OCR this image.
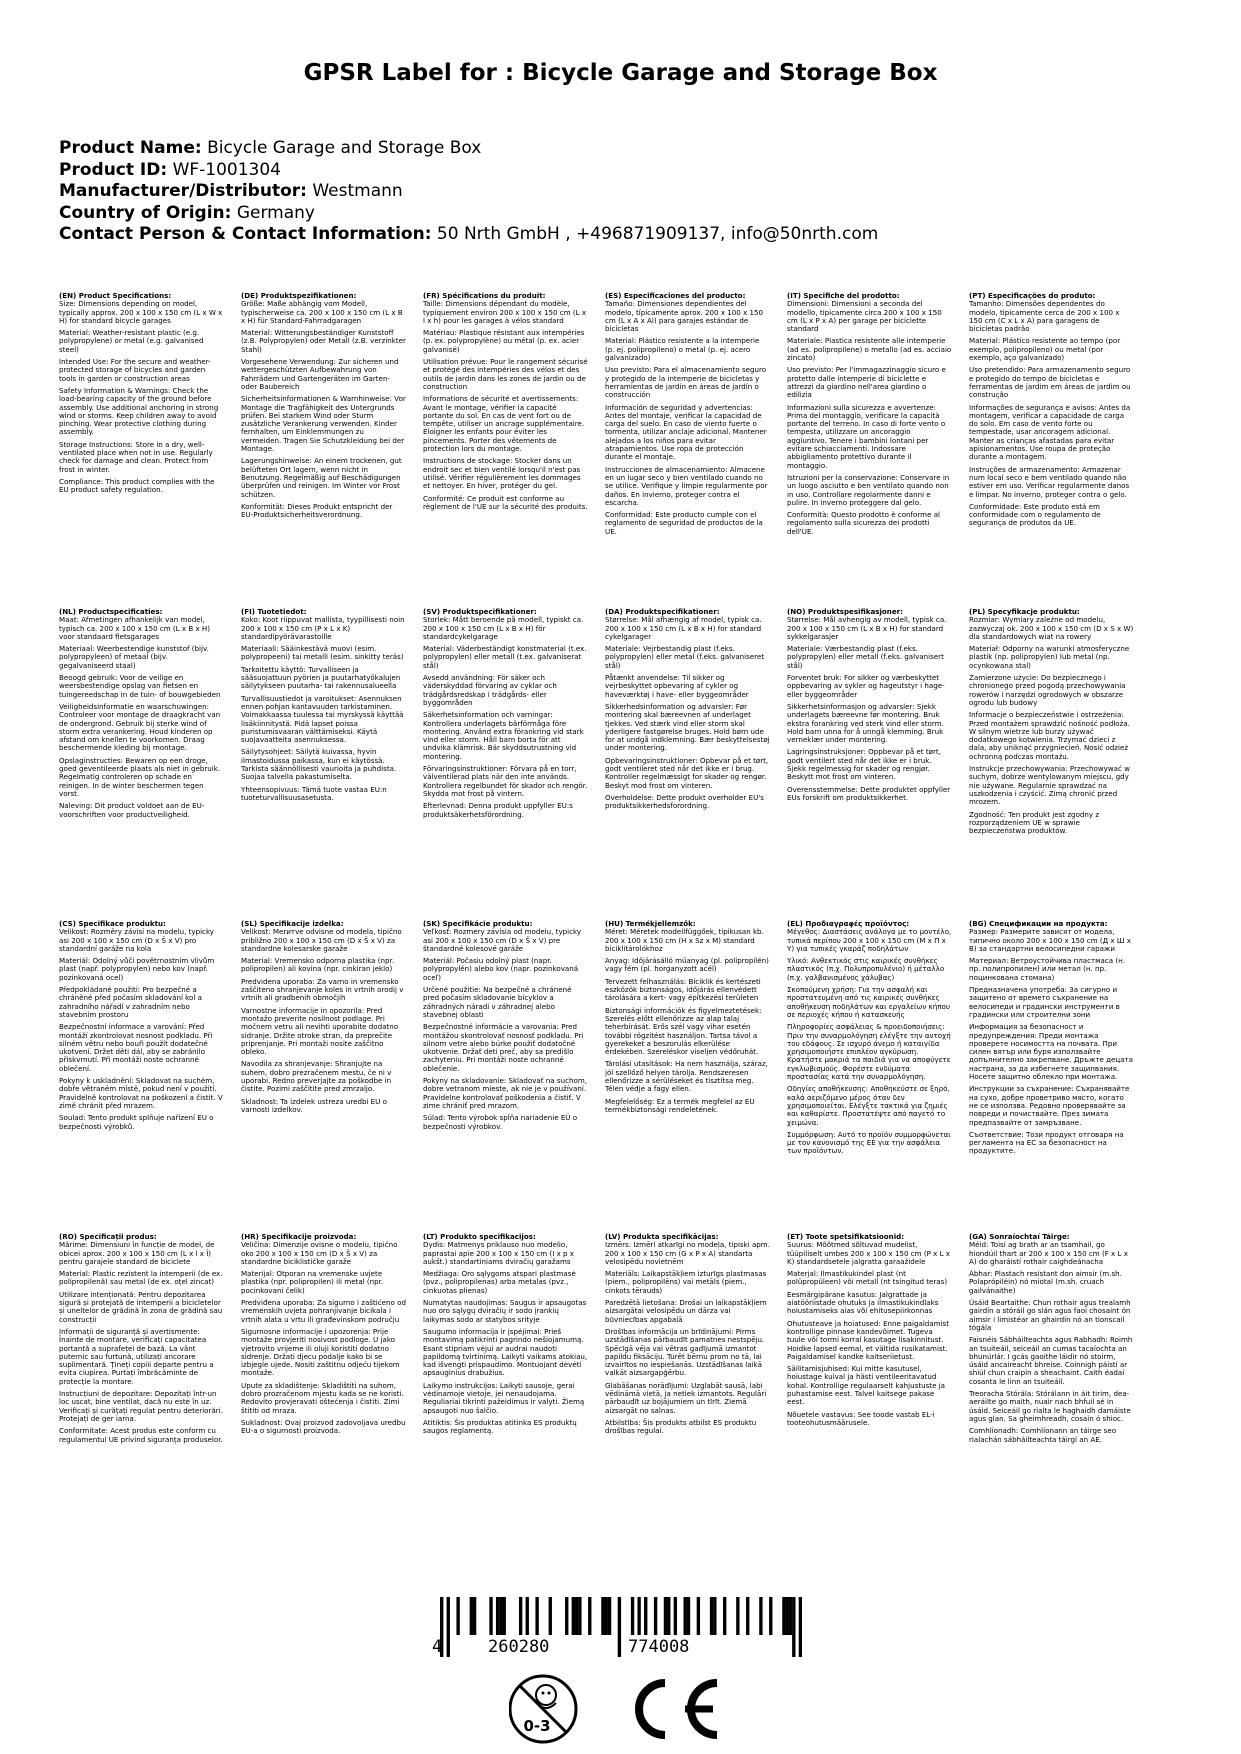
GPSR Label for : Bicycle Garage and Storage Box
Product Name: Bicycle Garage and Storage Box
Product ID: WF-1001304
Manufacturer/Distributor: Westmann
Country of Origin: Germany
Contact Person & Contact Information: 50 Nrth GmbH , +496871909137, info@50nrth.com
(EN) Product Specifications:

Size: Dimensions depending on model, typically approx. 200 x 100 x 150 cm (L x W x H) for standard bicycle garages

Material: Weather-resistant plastic (e.g. polypropylene) or metal (e.g. galvanised steel)

Intended Use: For the secure and weather-protected storage of bicycles and garden tools in garden or construction areas

Safety Information & Warnings: Check the load-bearing capacity of the ground before assembly. Use additional anchoring in strong wind or storms. Keep children away to avoid pinching. Wear protective clothing during assembly.

Storage Instructions: Store in a dry, well-ventilated place when not in use. Regularly check for damage and clean. Protect from frost in winter.

Compliance: This product complies with the EU product safety regulation.

(DE) Produktspezifikationen:

Größe: Maße abhängig vom Modell, typischerweise ca. 200 x 100 x 150 cm (L x B x H) für Standard-Fahrradgaragen

Material: Witterungsbeständiger Kunststoff (z.B. Polypropylen) oder Metall (z.B. verzinkter Stahl)

Vorgesehene Verwendung: Zur sicheren und wettergeschützten Aufbewahrung von Fahrrädern und Gartengeräten im Garten- oder Baubereich

Sicherheitsinformationen & Warnhinweise: Vor Montage die Tragfähigkeit des Untergrunds prüfen. Bei starkem Wind oder Sturm zusätzliche Verankerung verwenden. Kinder fernhalten, um Einklemmungen zu vermeiden. Tragen Sie Schutzkleidung bei der Montage.

Lagerungshinweise: An einem trockenen, gut belüfteten Ort lagern, wenn nicht in Benutzung. Regelmäßig auf Beschädigungen überprüfen und reinigen. Im Winter vor Frost schützen.

Konformität: Dieses Produkt entspricht der EU-Produktsicherheitsverordnung.

(FR) Spécifications du produit:

Taille: Dimensions dépendant du modèle, typiquement environ 200 x 100 x 150 cm (L x l x h) pour les garages à vélos standard

Matériau: Plastique résistant aux intempéries (p. ex. polypropylène) ou métal (p. ex. acier galvanisé)

Utilisation prévue: Pour le rangement sécurisé et protégé des intempéries des vélos et des outils de jardin dans les zones de jardin ou de construction

Informations de sécurité et avertissements: Avant le montage, vérifier la capacité portante du sol. En cas de vent fort ou de tempête, utiliser un ancrage supplémentaire. Éloigner les enfants pour éviter les pincements. Porter des vêtements de protection lors du montage.

Instructions de stockage: Stocker dans un endroit sec et bien ventilé lorsqu'il n'est pas utilisé. Vérifier régulièrement les dommages et nettoyer. En hiver, protéger du gel.

Conformité: Ce produit est conforme au règlement de l'UE sur la sécurité des produits.

(ES) Especificaciones del producto:

Tamaño: Dimensiones dependientes del modelo, típicamente aprox. 200 x 100 x 150 cm (L x A x Al) para garajes estándar de bicicletas

Material: Plástico resistente a la intemperie (p. ej. polipropileno) o metal (p. ej. acero galvanizado)

Uso previsto: Para el almacenamiento seguro y protegido de la intemperie de bicicletas y herramientas de jardín en áreas de jardín o construcción

Información de seguridad y advertencias: Antes del montaje, verificar la capacidad de carga del suelo. En caso de viento fuerte o tormenta, utilizar anclaje adicional. Mantener alejados a los niños para evitar atrapamientos. Use ropa de protección durante el montaje.

Instrucciones de almacenamiento: Almacene en un lugar seco y bien ventilado cuando no se utilice. Verifique y limpie regularmente por daños. En invierno, proteger contra el escarcha.

Conformidad: Este producto cumple con el reglamento de seguridad de productos de la UE.

(IT) Specifiche del prodotto:

Dimensioni: Dimensioni a seconda del modello, tipicamente circa 200 x 100 x 150 cm (L x P x A) per garage per biciclette standard

Materiale: Plastica resistente alle intemperie (ad es. polipropilene) o metallo (ad es. acciaio zincato)

Uso previsto: Per l'immagazzinaggio sicuro e protetto dalle intemperie di biciclette e attrezzi da giardino nell'area giardino o edilizia

Informazioni sulla sicurezza e avvertenze: Prima del montaggio, verificare la capacità portante del terreno. In caso di forte vento o tempesta, utilizzare un ancoraggio aggiuntivo. Tenere i bambini lontani per evitare schiacciamenti. Indossare abbigliamento protettivo durante il montaggio.

Istruzioni per la conservazione: Conservare in un luogo asciutto e ben ventilato quando non in uso. Controllare regolarmente danni e pulire. In inverno proteggere dal gelo.

Conformità: Questo prodotto è conforme al regolamento sulla sicurezza dei prodotti dell'UE.

(PT) Especificações do produto:

Tamanho: Dimensões dependentes do modelo, tipicamente cerca de 200 x 100 x 150 cm (C x L x A) para garagens de bicicletas padrão

Material: Plástico resistente ao tempo (por exemplo, polipropileno) ou metal (por exemplo, aço galvanizado)

Uso pretendido: Para armazenamento seguro e protegido do tempo de bicicletas e ferramentas de jardim em áreas de jardim ou construção

Informações de segurança e avisos: Antes da montagem, verificar a capacidade de carga do solo. Em caso de vento forte ou tempestade, usar ancoragem adicional. Manter as crianças afastadas para evitar apisionamentos. Use roupa de proteção durante a montagem.

Instruções de armazenamento: Armazenar num local seco e bem ventilado quando não estiver em uso. Verificar regularmente danos e limpar. No inverno, proteger contra o gelo.

Conformidade: Este produto está em conformidade com o regulamento de segurança de produtos da UE.

(NL) Productspecificaties:

Maat: Afmetingen afhankelijk van model, typisch ca. 200 x 100 x 150 cm (L x B x H) voor standaard fietsgarages

Materiaal: Weerbestendige kunststof (bijv. polypropyleen) of metaal (bijv. gegalvaniseerd staal)

Beoogd gebruik: Voor de veilige en weersbestendige opslag van fietsen en tuingereedschap in de tuin- of bouwgebieden

Veiligheidsinformatie en waarschuwingen: Controleer voor montage de draagkracht van de ondergrond. Gebruik bij sterke wind of storm extra verankering. Houd kinderen op afstand om knellen te voorkomen. Draag beschermende kleding bij montage.

Opslaginstructies: Bewaren op een droge, goed geventileerde plaats als niet in gebruik. Regelmatig controleren op schade en reinigen. In de winter beschermen tegen vorst.

Naleving: Dit product voldoet aan de EU-voorschriften voor productveiligheid.

(FI) Tuotetiedot:

Koko: Koot riippuvat mallista, tyypillisesti noin 200 x 100 x 150 cm (P x L x K) standardipyörävarastoille

Materiaali: Sääinkestävä muovi (esim. polypropeeni) tai metalli (esim. sinkitty teräs)

Tarkoitettu käyttö: Turvalliseen ja sääsuojattuun pyörien ja puutarhatyökalujen säilytykseen puutarha- tai rakennusalueella

Turvallisuustiedot ja varoitukset: Asennuksen ennen pohjan kantavuuden tarkistaminen. Voimakkaassa tuulessa tai myrskyssä käyttää lisäkiinnitystä. Pidä lapset poissa puristumisvaaran välttämiseksi. Käytä suojavaatteita asennuksessa.

Säilytysohjeet: Säilytä kuivassa, hyvin ilmastoidussa paikassa, kun ei käytössä. Tarkista säännöllisesti vaurioita ja puhdista. Suojaa talvella pakastumiselta.

Yhteensopivuus: Tämä tuote vastaa EU:n tuoteturvallisuusasetusta.

(SV) Produktspecifikationer:

Storlek: Mått beroende på modell, typiskt ca. 200 x 100 x 150 cm (L x B x H) för standardcykelgarage

Material: Väderbeständigt konstmaterial (t.ex. polypropylen) eller metall (t.ex. galvaniserat stål)

Avsedd användning: För säker och väderskyddad förvaring av cyklar och trädgårdsredskap i trädgårds- eller byggområden

Säkerhetsinformation och varningar: Kontrollera underlagets bärförmåga före montering. Använd extra förankring vid stark vind eller storm. Håll barn borta för att undvika klämrisk. Bär skyddsutrustning vid montering.

Förvaringsinstruktioner: Förvara på en torr, välventilerad plats när den inte används. Kontrollera regelbundet för skador och rengör. Skydda mot frost på vintern.

Efterlevnad: Denna produkt uppfyller EU:s produktsäkerhetsförordning.

(DA) Produktspecifikationer:

Størrelse: Mål afhængig af model, typisk ca. 200 x 100 x 150 cm (L x B x H) for standard cykelgarager

Materiale: Vejrbestandig plast (f.eks. polypropylen) eller metal (f.eks. galvaniseret stål)

Påtænkt anvendelse: Til sikker og vejrbeskyttet opbevaring af cykler og haveværktøj i have- eller byggeområder

Sikkerhedsinformation og advarsler: Før montering skal bæreevnen af underlaget tjekkes. Ved stærk vind eller storm skal yderligere fastgørelse bruges. Hold børn ude for at undgå indklemning. Bær beskyttelsestøj under montering.

Opbevaringsinstruktioner: Opbevar på et tørt, godt ventileret sted når det ikke er i brug. Kontroller regelmæssigt for skader og rengør. Beskyt mod frost om vinteren.

Overholdelse: Dette produkt overholder EU's produktsikkerhedsforordning.

(NO) Produktspesifikasjoner:

Størrelse: Mål avhengig av modell, typisk ca. 200 x 100 x 150 cm (L x B x H) for standard sykkelgarasjer

Materiale: Værbestandig plast (f.eks. polypropylen) eller metall (f.eks. galvanisert stål)

Forventet bruk: For sikker og værbeskyttet oppbevaring av sykler og hageutstyr i hage- eller byggeområder

Sikkerhetsinformasjon og advarsler: Sjekk underlagets bæreevne før montering. Bruk ekstra forankring ved sterk vind eller storm. Hold barn unna for å unngå klemming. Bruk verneklær under montering.

Lagringsinstruksjoner: Oppbevar på et tørt, godt ventilert sted når det ikke er i bruk. Sjekk regelmessig for skader og rengjør. Beskytt mot frost om vinteren.

Overensstemmelse: Dette produktet oppfyller EUs forskrift om produktsikkerhet.

(PL) Specyfikacje produktu:

Rozmiar: Wymiary zależne od modelu, zazwyczaj ok. 200 x 100 x 150 cm (D x S x W) dla standardowych wiat na rowery

Materiał: Odporny na warunki atmosferyczne plastik (np. polipropylen) lub metal (np. ocynkowana stal)

Zamierzone użycie: Do bezpiecznego i chronionego przed pogodą przechowywania rowerów i narzędzi ogrodowych w obszarze ogrodu lub budowy

Informacje o bezpieczeństwie i ostrzeżenia: Przed montażem sprawdzić nośność podłoża. W silnym wietrze lub burzy używać dodatkowego kotwienia. Trzymać dzieci z dala, aby uniknąć przygniecień. Nosić odzież ochronną podczas montażu.

Instrukcje przechowywania: Przechowywać w suchym, dobrze wentylowanym miejscu, gdy nie używane. Regularnie sprawdzać na uszkodzenia i czyścić. Zimą chronić przed mrozem.

Zgodność: Ten produkt jest zgodny z rozporządzeniem UE w sprawie bezpieczeństwa produktów.

(CS) Specifikace produktu:

Velikost: Rozměry závisí na modelu, typicky asi 200 x 100 x 150 cm (D x Š x V) pro standardní garáže na kola

Materiál: Odolný vůči povětrnostním vlivům plast (např. polypropylen) nebo kov (např. pozinkovaná ocel)

Předpokládané použití: Pro bezpečné a chráněné před počasím skladování kol a zahradního nářadí v zahradním nebo stavebním prostoru

Bezpečnostní informace a varování: Před montáží zkontrolovat nosnost podkladu. Při silném větru nebo bouři použít dodatečné ukotvení. Držet děti dál, aby se zabránilo přiskvrnutí. Při montáži noste ochranné oblečení.

Pokyny k uskladnění: Skladovat na suchém, dobře větraném místě, pokud není v použití. Pravidelně kontrolovat na poškození a čistit. V zimě chránit před mrazem.

Soulad: Tento produkt splňuje nařízení EU o bezpečnosti výrobků.

(SL) Specifikacije izdelka:

Velikost: Merитve odvisne od modela, tipično približno 200 x 100 x 150 cm (D x Š x V) za standardne kolesarske garaže

Material: Vremensko odporna plastika (npr. polipropilen) ali kovina (npr. cinkiran jeklo)

Predvidena uporaba: Za varno in vremensko zaščiteno shranjevanje koles in vrtnih orodij v vrtnih ali gradbenih območjih

Varnostne informacije in opozorila: Pred montažo preverite nosilnost podlage. Pri močnem vetru ali nevihti uporabite dodatno sidranje. Držite otroke stran, da preprečite priprenjanje. Pri montaži nosite zaščitno obleko.

Navodila za shranjevanje: Shranjujte na suhem, dobro prezračenem mestu, če ni v uporabi. Redno preverjajte za poškodbe in čistite. Pozimi zaščitite pred zmrzaljo.

Skladnost: Ta izdelek ustreza uredbi EU o varnosti izdelkov.

(SK) Špecifikácie produktu:

Veľkosť: Rozmery závisia od modelu, typicky asi 200 x 100 x 150 cm (D x Š x V) pre štandardné kolesové garáže

Materiál: Počasiu odolný plast (napr. polypropylén) alebo kov (napr. pozinkovaná oceľ)

Určené použitie: Na bezpečné a chránené pred počasím skladovanie bicyklov a záhradných náradí v záhradnej alebo stavebnej oblasti

Bezpečnostné informácie a varovania: Pred montážou skontrolovať nosnosť podkladu. Pri silnom vetre alebo búrke použiť dodatočné ukotvenie. Držať deti preč, aby sa predišlo zachyteniu. Pri montáži noste ochranné oblečenie.

Pokyny na skladovanie: Skladovať na suchom, dobre vetranom mieste, ak nie je v používaní. Pravidelne kontrolovať poškodenia a čistiť. V zime chrániť pred mrazom.

Súlad: Tento výrobok spĺňa nariadenie EÚ o bezpečnosti výrobkov.

(HU) Termékjellemzők:

Méret: Méretek modellfüggőek, tipikusan kb. 200 x 100 x 150 cm (H x Sz x M) standard biciklitárolókhoz

Anyag: Időjárásálló műanyag (pl. polipropilén) vagy fém (pl. horganyzott acél)

Tervezett felhasználás: Biciklik és kertészeti eszközök biztonságos, időjárás ellenvédett tárolására a kert- vagy építkezési területen

Biztonsági információk és figyelmeztetések: Szerelés előtt ellenőrizze az alap talaj teherbírását. Erős szél vagy vihar esetén további rögzítést használjon. Tartsa távol a gyerekeket a beszorulás elkerülése érdekében. Szereléskor viseljen védőruhát.

Tárolási utasítások: Ha nem használja, száraz, jól szellőző helyen tárolja. Rendszeresen ellenőrizze a sérüléseket és tisztítsa meg. Télen védje a fagy ellen.

Megfelelőség: Ez a termék megfelel az EU termékbiztonsági rendeletének.

(EL) Προδιαγραφές προϊόντος:

Μέγεθος: Διαστάσεις ανάλογα με το μοντέλο, τυπικά περίπου 200 x 100 x 150 cm (Μ x Π x Υ) για τυπικές γκαράζ ποδηλάτων

Υλικό: Ανθεκτικός στις καιρικές συνθήκες πλαστικός (π.χ. Πολυπροπυλένιο) ή μέταλλο (π.χ. γαλβανισμένος χάλυβας)

Σκοπούμενη χρήση: Για την ασφαλή και προστατευμένη από τις καιρικές συνθήκες αποθήκευση ποδηλάτων και εργαλείων κήπου σε περιοχές κήπου ή κατασκευής

Πληροφορίες ασφάλειας & προειδοποιήσεις: Πριν την συναρμολόγηση ελέγξτε την αντοχή του εδάφους. Σε ισχυρό άνεμο ή καταιγίδα χρησιμοποιήστε επιπλέον αγκύρωση. Κρατήστε μακριά τα παιδιά για να αποφύγετε εγκλωβισμούς. Φορέστε ενδύματα προστασίας κατά την συναρμολόγηση.

Οδηγίες αποθήκευσης: Αποθηκεύστε σε ξηρό, καλά αεριζόμενο μέρος όταν δεν χρησιμοποιείται. Ελέγξτε τακτικά για ζημιές και καθαρίστε. Προστατέψτε από παγετό το χειμώνα.

Συμμόρφωση: Αυτό το προϊόν συμμορφώνεται με τον κανονισμό της ΕΕ για την ασφάλεια των προϊόντων.

(BG) Спецификации на продукта:

Размер: Размерите зависят от модела, типично около 200 x 100 x 150 cm (Д x Ш x В) за стандартни велосипедни гаражи

Материал: Ветроустойчива пластмаса (н. пр. полипропилен) или метал (н. пр. поцинкована стомана)

Предназначена употреба: За сигурно и защитено от времето съхранение на велосипеди и градински инструменти в градински или строителни зони

Информация за безопасност и предупреждения: Преди монтажа проверете носимостта на почвата. При силен вятър или буря използвайте допълнително закрепване. Дръжте децата настрана, за да избегнете защипвания. Носете защитно облекло при монтажа.

Инструкции за съхранение: Съхранявайте на сухо, добре проветриво място, когато не се използва. Редовно проверявайте за повреди и почиствайте. През зимата предпазвайте от замръзване.

Съответствие: Този продукт отговаря на регламента на ЕС за безопасност на продуктите.

(RO) Specificații produs:

Mărime: Dimensiuni în funcție de model, de obicei aprox. 200 x 100 x 150 cm (L x l x Î) pentru garajele standard de biciclete

Material: Plastic rezistent la intemperii (de ex. polipropilenă) sau metal (de ex. oțel zincat)

Utilizare intenționată: Pentru depozitarea sigură și protejată de intemperii a bicicletelor și uneltelor de grădină în zona de grădină sau construcții

Informații de siguranță și avertismente: Înainte de montare, verificați capacitatea portantă a suprafeței de bază. La vânt puternic sau furtună, utilizați ancorare suplimentară. Țineți copiii departe pentru a evita ciupirea. Purtați îmbrăcăminte de protecție la montare.

Instrucțiuni de depozitare: Depozitați într-un loc uscat, bine ventilat, dacă nu este în uz. Verificați și curățați regulat pentru deteriorări. Protejați de ger iarna.

Conformitate: Acest produs este conform cu regulamentul UE privind siguranța produselor.

(HR) Specifikacije proizvoda:

Veličina: Dimenzije ovisne o modelu, tipično oko 200 x 100 x 150 cm (D x Š x V) za standardne biciklističke garaže

Materijal: Otporan na vremenske uvjete plastika (npr. polipropilen) ili metal (npr. pocinkovani čelik)

Predviđena uporaba: Za sigurno i zaštićeno od vremenskih uvjeta pohranjivanje bicikala i vrtnih alata u vrtu ili građevinskom području

Sigurnosne informacije i upozorenja: Prije montaže provjeriti nosivost podloge. U jako vjetrovito vrijeme ili oluji koristiti dodatno sidrenje. Držati djecu podalje kako bi se izbjegle ujede. Nositi zaštitnu odjeću tijekom montaže.

Upute za skladištenje: Skladištiti na suhom, dobro prozračenom mjestu kada se ne koristi. Redovito provjeravati oštećenja i čistiti. Zimi štititi od mraza.

Sukladnost: Ovaj proizvod zadovoljava uredbu EU-a o sigurnosti proizvoda.

(LT) Produkto specifikacijos:

Dydis: Matmenys priklauso nuo modelio, paprastai apie 200 x 100 x 150 cm (I x p x aukšt.) standartiniams dviračių garažams

Medžiaga: Oro sąlygoms atspari plastmasė (pvz., polipropilenas) arba metalas (pvz., cinkuotas plienas)

Numatytas naudojimas: Saugus ir apsaugotas nuo oro sąlygų dviračių ir sodo įrankių laikymas sodo ar statybos srityje

Saugumo informacija ir įspėjimai: Prieš montavimą patikrinti pagrindo nešiojamumą. Esant stipriam vėjui ar audrai naudoti papildomą tvirtinimą. Laikyti vaikams atokiau, kad išvengti prispaudimo. Montuojant dėvėti apsauginius drabužius.

Laikymo instrukcijos: Laikyti sausoje, gerai vėdinamoje vietoje, jei nenaudojama. Reguliariai tikrinti pažeidimus ir valyti. Žiemą apsaugoti nuo šalčio.

Atitiktis: Šis produktas atitinka ES produktų saugos reglamentą.

(LV) Produkta specifikācijas:

Izmērs: Izmēri atkarīgi no modeļa, tipiski apm. 200 x 100 x 150 cm (G x P x A) standarta velosipēdu novietnēm

Materiāls: Laikapstākļiem izturīgs plastmasas (piem., polipropilēns) vai metāls (piem., cinkots tērauds)

Paredzētā lietošana: Drošai un laikapstākļiem aizsargātai velosipēdu un dārza vai būvniecības apgabalā

Drošības informācija un brīdinājumi: Pirms uzstādīšanas pārbaudīt pamatnes nestspēju. Spēcīgā vēja vai vētras gadījumā izmantot papildu fiksāciju. Turēt bērnu prom no tā, lai izvairītos no iespiešanās. Uzstādīšanas laikā valkāt aizsargapģērbu.

Glabāšanas norādījumi: Uzglabāt sausā, labi vēdināmā vietā, ja netiek izmantots. Regulāri pārbaudīt uz bojājumiem un tīrīt. Ziemā aizsargāt no salnas.

Atbilstība: Šis produkts atbilst ES produktu drošības regulai.

(ET) Toote spetsifikatsioonid:

Suurus: Mõõtmed sõltuvad mudelist, tüüpiliselt umbes 200 x 100 x 150 cm (P x L x K) standardsetele jalgratta garaažidele

Materjal: Ilmastikukindel plast (nt polüpropüleen) või metall (nt tsingitud teras)

Eesmärgipärane kasutus: Jalgrattade ja aiatööriistade ohutuks ja ilmastikukindlaks hoiustamiseks aias või ehitusepiirkonnas

Ohutusteave ja hoiatused: Enne paigaldamist kontrollige pinnase kandevõimet. Tugeva tuule või tormi korral kasutage lisakinnitust. Hoidke lapsed eemal, et vältida rusikatamist. Paigaldamisel kandke kaitseriietust.

Säilitamisjuhised: Kui mitte kasutusel, hoiustage kuival ja hästi ventileeritavatud kohal. Kontrollige regulaarselt kahjustuste ja puhastamise eest. Talvel kaitsege pakase eest.

Nõuetele vastavus: See toode vastab EL-i tooteohutusmäärusele.

(GA) Sonraíochtaí Táirge:

Méid: Toisí ag brath ar an tsamhail, go hiondúil thart ar 200 x 100 x 150 cm (F x L x A) do gharáistí rothair caighdeánacha

Ábhar: Plastach resistant don aimsir (m.sh. Polaprópiléin) nó miotal (m.sh. cruach gailvánaithe)

Úsáid Beartaithe: Chun rothair agus trealamh gairdín a stóráil go slán agus faoi chosaint ón aimsir i limistéar an ghairdín nó an tionscail tógála

Faisnéis Sábháilteachta agus Rabhadh: Roimh an tsuiteáil, seiceáil an cumas tacaíochta an bhunúrlár. I gcás gaoithe láidir nó stoirm, úsáid ancaireacht bhreise. Coinnigh páistí ar shiúl chun craipín a sheachaint. Caith éadaí cosanta le linn an tsuiteáil.

Treoracha Stórála: Stórálann in áit tirim, dea-aeráilte go maith, nuair nach bhfuil sé in úsáid. Seiceáil go rialta le haghaidh damáiste agus glan. Sa gheimhreadh, cosain ó shioc.

Comhlíonadh: Comhlíonann an táirge seo rialachán sábháilteachta táirgí an AE.

4	260280	774008
0-3
